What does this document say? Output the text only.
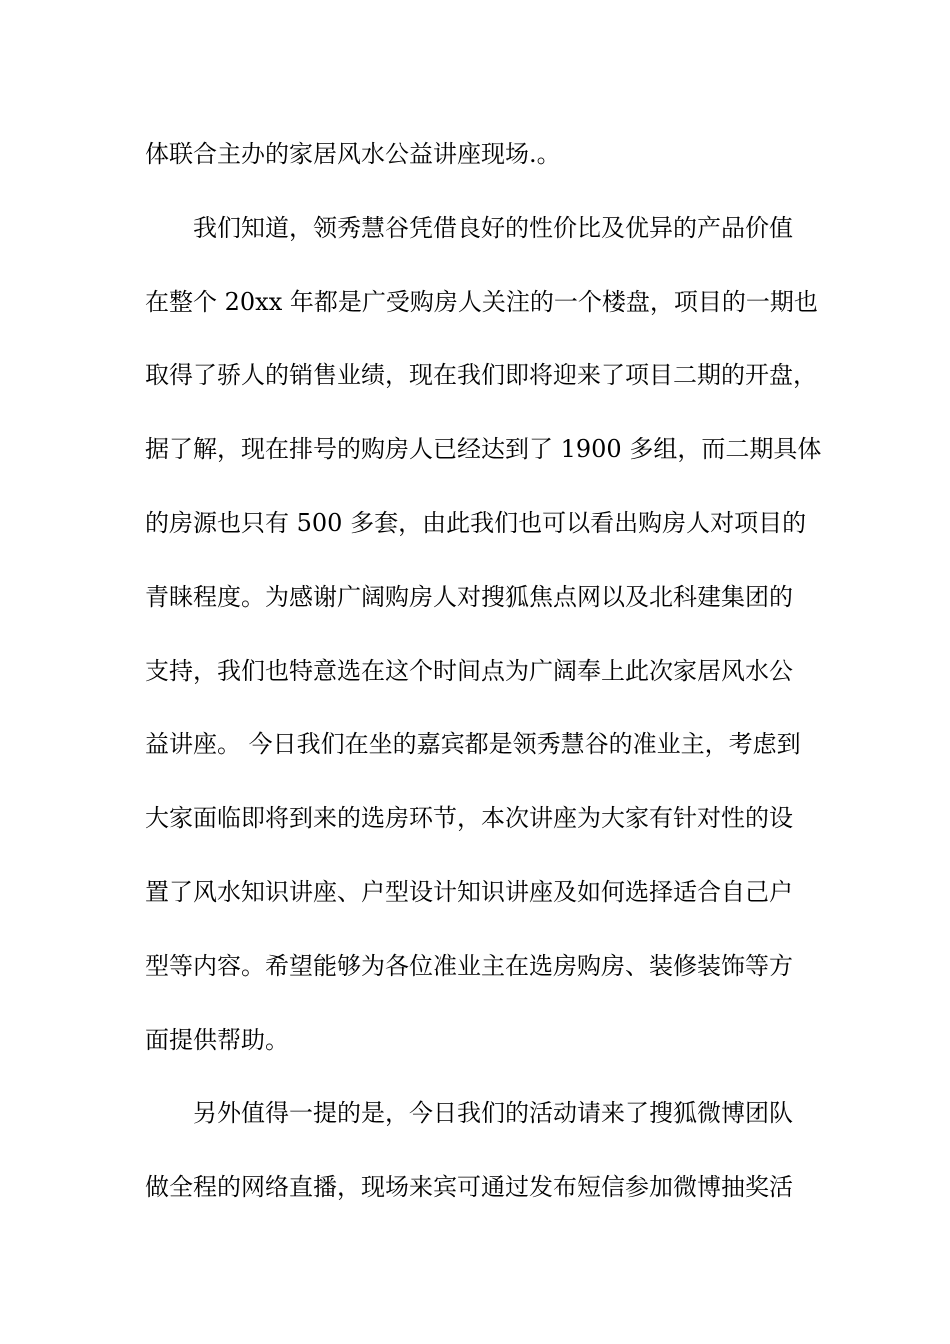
体联合主办的家居风水公益讲座现场.。
我们知道，领秀慧谷凭借良好的性价比及优异的产品价值
在整个 20xx 年都是广受购房人关注的一个楼盘，项目的一期也
取得了骄人的销售业绩，现在我们即将迎来了项目二期的开盘，
据了解，现在排号的购房人已经达到了 1900 多组，而二期具体
的房源也只有 500 多套，由此我们也可以看出购房人对项目的
青睐程度。为感谢广阔购房人对搜狐焦点网以及北科建集团的
支持，我们也特意选在这个时间点为广阔奉上此次家居风水公
益讲座。 今日我们在坐的嘉宾都是领秀慧谷的准业主，考虑到
大家面临即将到来的选房环节，本次讲座为大家有针对性的设
置了风水知识讲座、户型设计知识讲座及如何选择适合自己户
型等内容。希望能够为各位准业主在选房购房、装修装饰等方
面提供帮助。
另外值得一提的是，今日我们的活动请来了搜狐微博团队
做全程的网络直播，现场来宾可通过发布短信参加微博抽奖活
